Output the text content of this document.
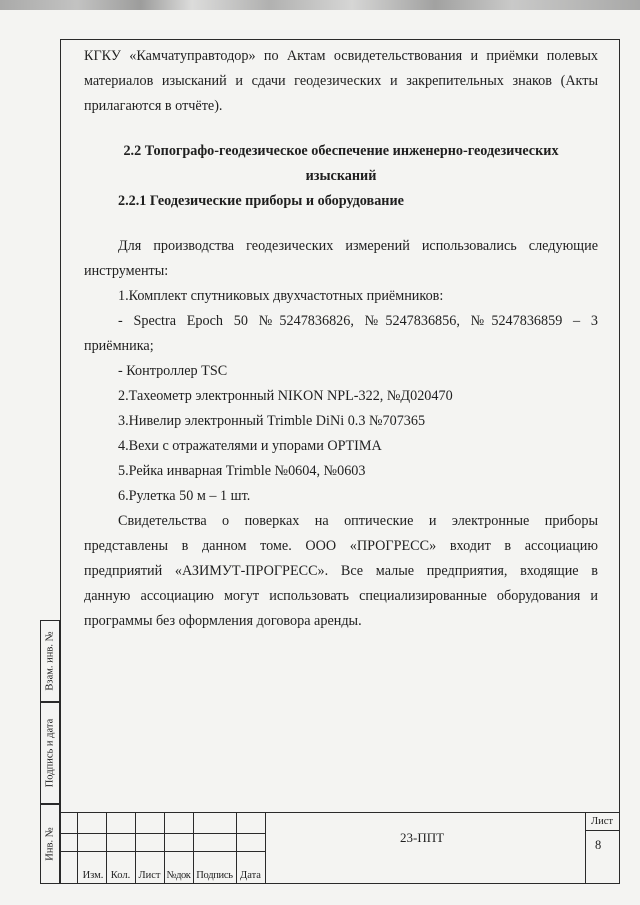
КГКУ «Камчатуправтодор» по Актам освидетельствования и приёмки полевых

материалов изысканий и сдачи геодезических и закрепительных знаков (Акты

прилагаются в отчёте).

2.2 Топографо-геодезическое обеспечение инженерно-геодезических

изысканий

2.2.1 Геодезические приборы и оборудование

Для производства геодезических измерений использовались следующие

инструменты:

1.Комплект спутниковых двухчастотных приёмников:

- Spectra Epoch 50 №5247836826, №5247836856, №5247836859 – 3

приёмника;

- Контроллер TSC

2.Тахеометр электронный NIKON NPL-322, №Д020470

3.Нивелир электронный Trimble DiNi 0.3 №707365

4.Вехи с отражателями и упорами OPTIMA

5.Рейка инварная Trimble №0604, №0603

6.Рулетка 50 м – 1 шт.

Свидетельства о поверках на оптические и электронные приборы

представлены в данном томе. ООО «ПРОГРЕСС» входит в ассоциацию

предприятий «АЗИМУТ-ПРОГРЕСС». Все малые предприятия, входящие в

данную ассоциацию могут использовать специализированные оборудования и

программы без оформления договора аренды.

Взам. инв. №
Подпись и дата
Инв. №
Изм. Кол. Лист №док Подпись Дата
23-ППТ
Лист
8
